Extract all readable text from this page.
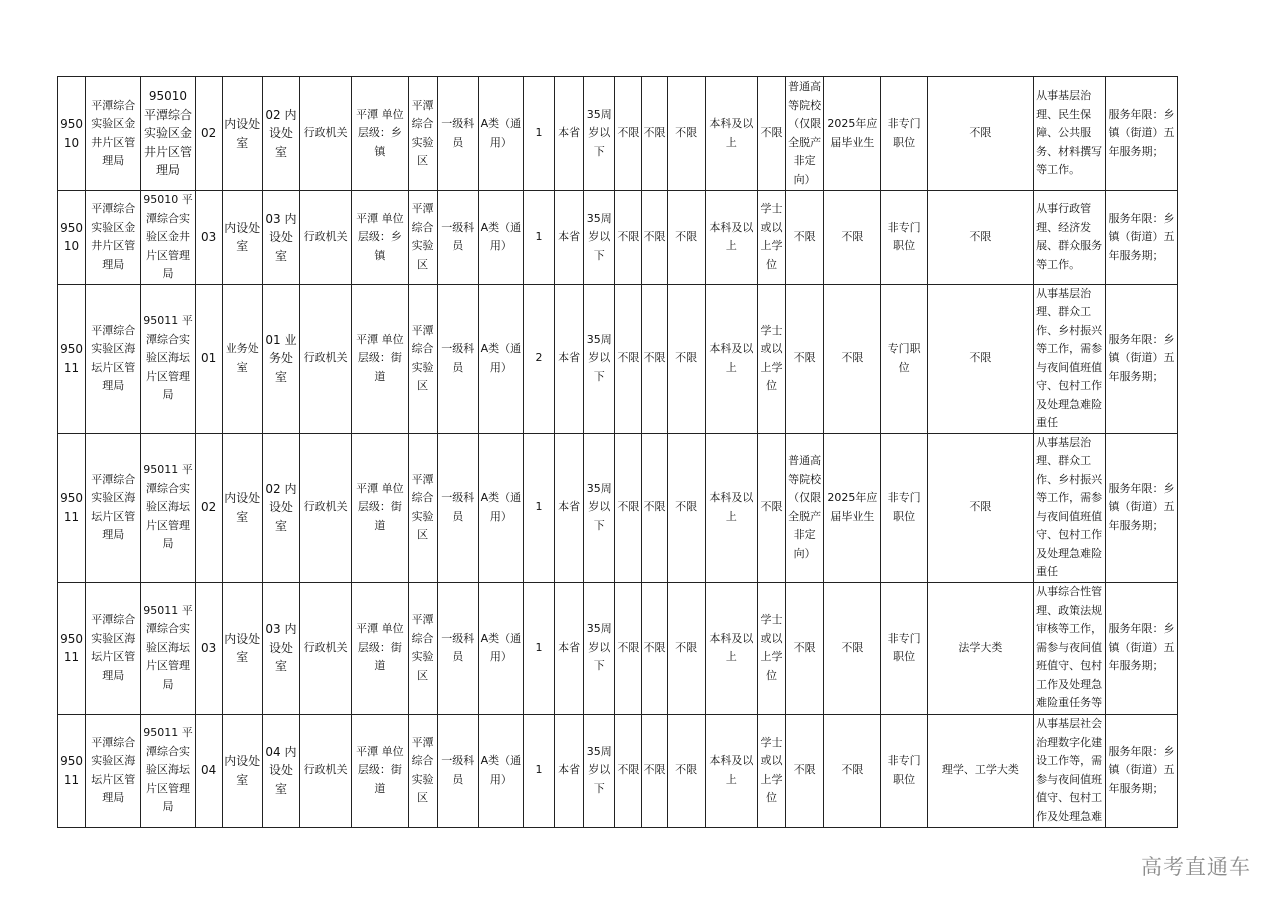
95010	平潭综合实验区金井片区管理局	95010 平潭综合实验区金井片区管理局	02	内设处室	02 内设处室	行政机关	平潭 单位层级：乡镇	平潭综合实验区	一级科员	A类（通用）	1	本省	35周岁以下	不限	不限	不限	本科及以上	不限	普通高等院校（仅限全脱产非定向）	2025年应届毕业生	非专门职位	不限	从事基层治理、民生保障、公共服务、材料撰写等工作。	服务年限：乡镇（街道）五年服务期；
95010	平潭综合实验区金井片区管理局	95010 平潭综合实验区金井片区管理局	03	内设处室	03 内设处室	行政机关	平潭 单位层级：乡镇	平潭综合实验区	一级科员	A类（通用）	1	本省	35周岁以下	不限	不限	不限	本科及以上	学士或以上学位	不限	不限	非专门职位	不限	从事行政管理、经济发展、群众服务等工作。	服务年限：乡镇（街道）五年服务期；
95011	平潭综合实验区海坛片区管理局	95011 平潭综合实验区海坛片区管理局	01	业务处室	01 业务处室	行政机关	平潭 单位层级：街道	平潭综合实验区	一级科员	A类（通用）	2	本省	35周岁以下	不限	不限	不限	本科及以上	学士或以上学位	不限	不限	专门职位	不限	从事基层治理、群众工作、乡村振兴等工作，需参与夜间值班值守、包村工作及处理急难险重任	服务年限：乡镇（街道）五年服务期；
95011	平潭综合实验区海坛片区管理局	95011 平潭综合实验区海坛片区管理局	02	内设处室	02 内设处室	行政机关	平潭 单位层级：街道	平潭综合实验区	一级科员	A类（通用）	1	本省	35周岁以下	不限	不限	不限	本科及以上	不限	普通高等院校（仅限全脱产非定向）	2025年应届毕业生	非专门职位	不限	从事基层治理、群众工作、乡村振兴等工作，需参与夜间值班值守、包村工作及处理急难险重任	服务年限：乡镇（街道）五年服务期；
95011	平潭综合实验区海坛片区管理局	95011 平潭综合实验区海坛片区管理局	03	内设处室	03 内设处室	行政机关	平潭 单位层级：街道	平潭综合实验区	一级科员	A类（通用）	1	本省	35周岁以下	不限	不限	不限	本科及以上	学士或以上学位	不限	不限	非专门职位	法学大类	从事综合性管理、政策法规审核等工作，需参与夜间值班值守、包村工作及处理急难险重任务等	服务年限：乡镇（街道）五年服务期；
95011	平潭综合实验区海坛片区管理局	95011 平潭综合实验区海坛片区管理局	04	内设处室	04 内设处室	行政机关	平潭 单位层级：街道	平潭综合实验区	一级科员	A类（通用）	1	本省	35周岁以下	不限	不限	不限	本科及以上	学士或以上学位	不限	不限	非专门职位	理学、工学大类	从事基层社会治理数字化建设工作等，需参与夜间值班值守、包村工作及处理急难	服务年限：乡镇（街道）五年服务期；
高考直通车
